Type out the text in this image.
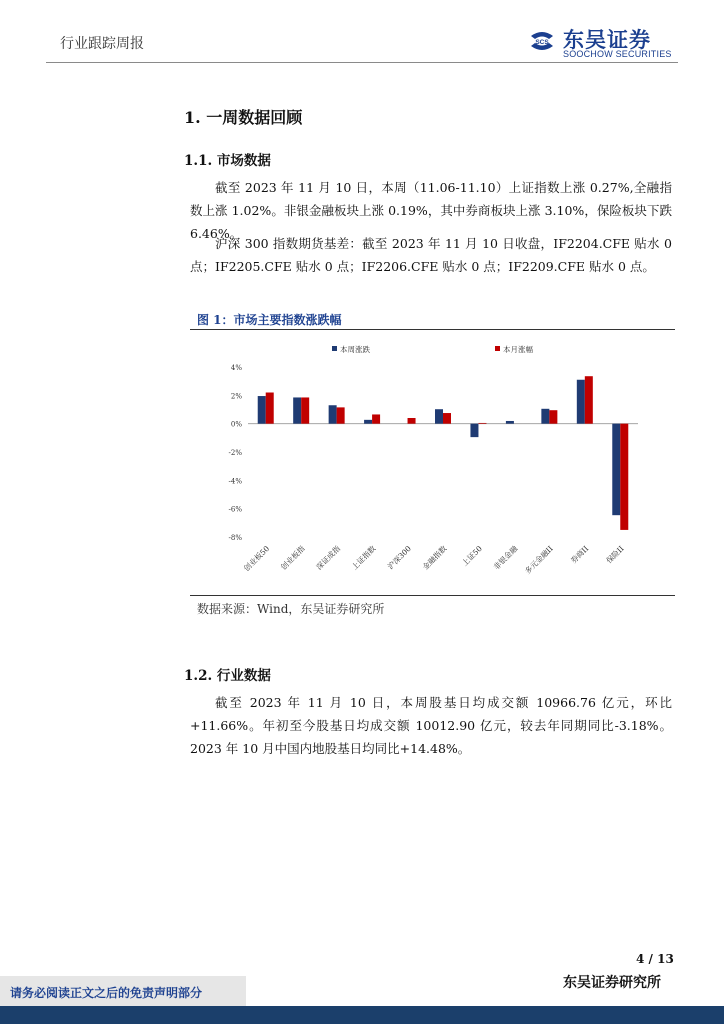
行业跟踪周报	SCS 东吴证券
SOOCHOW SECURITIES
1. 一周数据回顾
1.1. 市场数据

截至 2023 年 11 月 10 日，本周（11.06-11.10）上证指数上涨 0.27%,全融指数上涨 1.02%。非银金融板块上涨 0.19%，其中券商板块上涨 3.10%，保险板块下跌 6.46%。

沪深 300 指数期货基差：截至 2023 年 11 月 10 日收盘，IF2204.CFE 贴水 0 点；IF2205.CFE 贴水 0 点；IF2206.CFE 贴水 0 点；IF2209.CFE 贴水 0 点。

图 1：市场主要指数涨跌幅
本周涨跌	本月涨幅
4%
2%
0%
-2%
-4%
-6%
-8%
创业板50 创业板指 深证成指 上证指数 沪深300 金融指数 上证50 非银金融 多元金融II 券商II 保险II
数据来源：Wind，东吴证券研究所
1.2. 行业数据

截至 2023 年 11 月 10 日，本周股基日均成交额 10966.76 亿元，环比+11.66%。年初至今股基日均成交额 10012.90 亿元，较去年同期同比-3.18%。2023 年 10 月中国内地股基日均同比+14.48%。

4 / 13
东吴证券研究所
请务必阅读正文之后的免责声明部分
